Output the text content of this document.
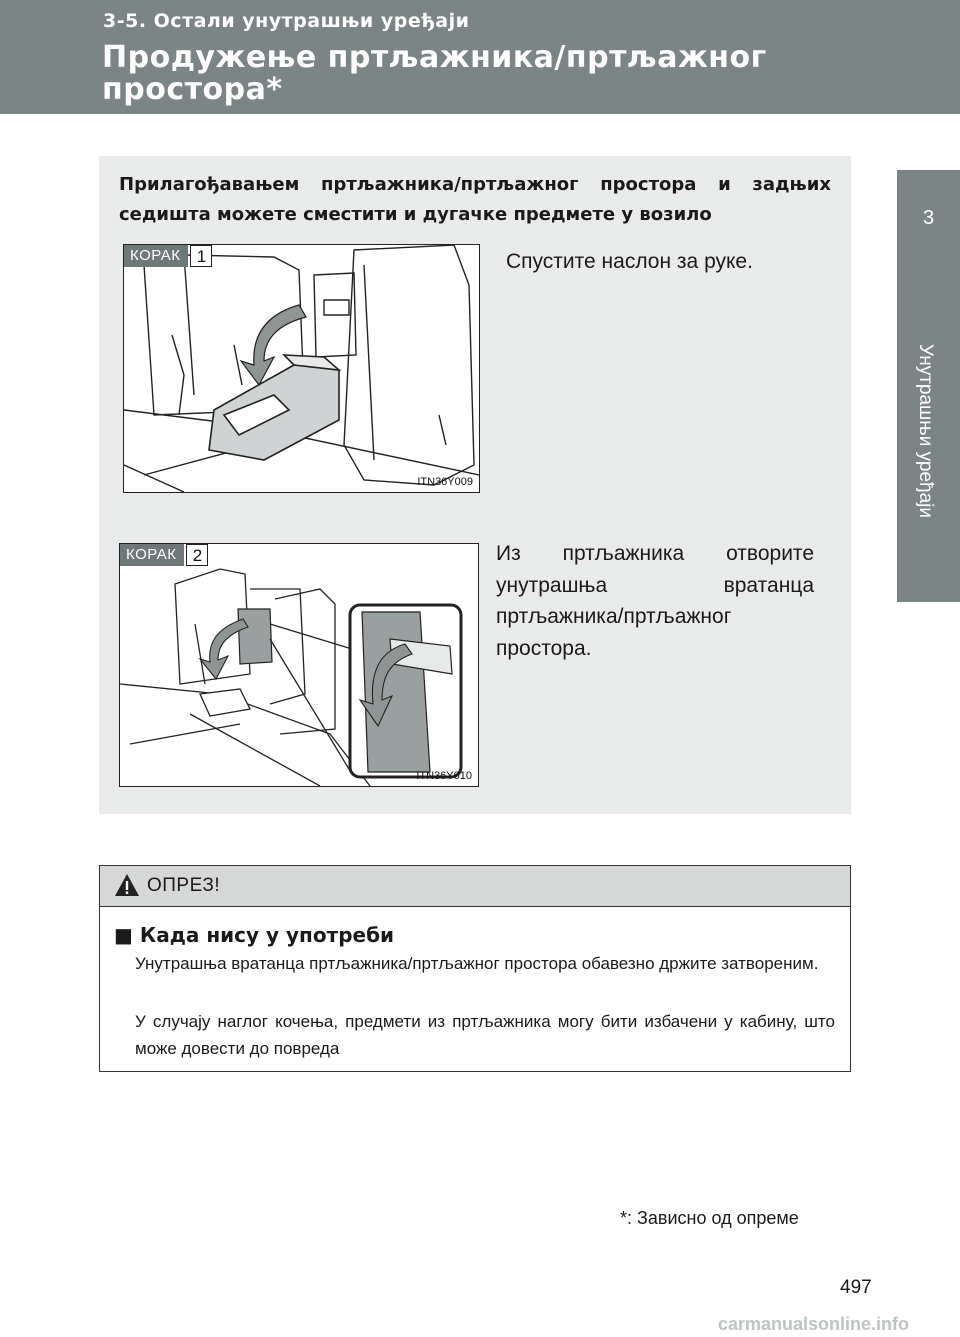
3-5. Остали унутрашњи уређаји
Продужење пртљажника/пртљажног
простора*
3
Унутрашњи уређаји
Прилагођавањем пртљажника/пртљажног простора и задњих седишта можете сместити и дугачке предмете у возило
КОРАК 1
ITN36Y009
Спустите наслон за руке.
КОРАК 2
ITN36Y010
Из пртљажника отворите унутрашња вратанца пртљажника/пртљажног простора.
ОПРЕЗ!
■ Када нису у употреби
Унутрашња вратанца пртљажника/пртљажног простора обавезно држите затвореним.
У случају наглог кочења, предмети из пртљажника могу бити избачени у кабину, што може довести до повреда
*: Зависно од опреме
497
carmanualsonline.info
